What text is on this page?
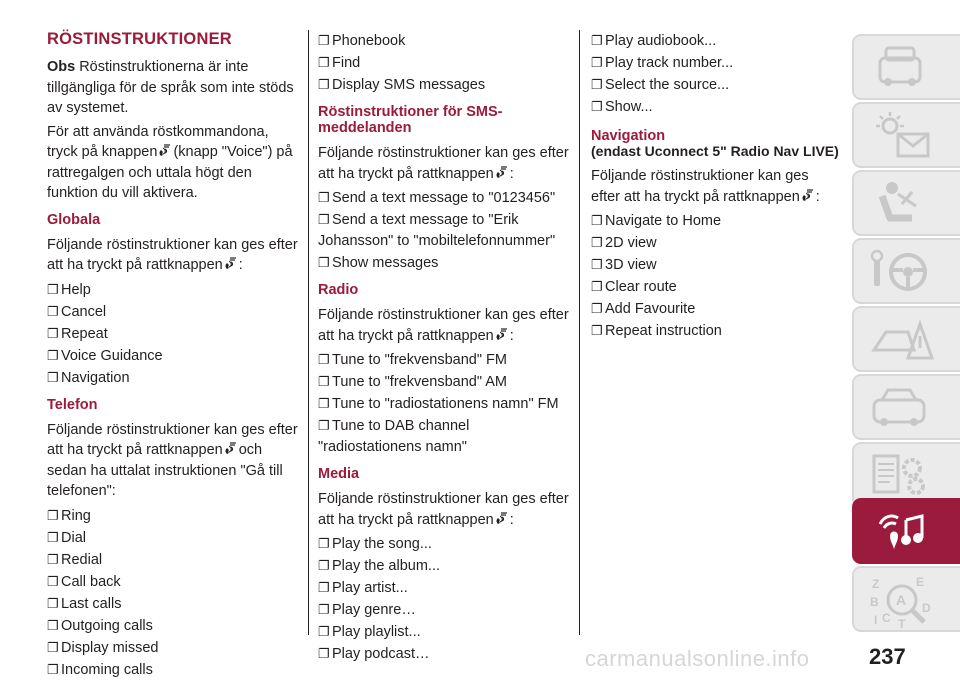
RÖSTINSTRUKTIONER

Obs Röstinstruktionerna är inte tillgängliga för de språk som inte stöds av systemet.

För att använda röstkommandona, tryck på knappen (knapp "Voice") på rattregalgen och uttala högt den funktion du vill aktivera.

Globala

Följande röstinstruktioner kan ges efter att ha tryckt på rattknappen :

❐ Help
❐ Cancel
❐ Repeat
❐ Voice Guidance
❐ Navigation
Telefon

Följande röstinstruktioner kan ges efter att ha tryckt på rattknappen och sedan ha uttalat instruktionen "Gå till telefonen":

❐ Ring
❐ Dial
❐ Redial
❐ Call back
❐ Last calls
❐ Outgoing calls
❐ Display missed
❐ Incoming calls
❐ Phonebook
❐ Find
❐ Display SMS messages
Röstinstruktioner för SMS-meddelanden

Följande röstinstruktioner kan ges efter att ha tryckt på rattknappen :

❐ Send a text message to "0123456"
❐ Send a text message to "Erik Johansson" to "mobiltelefonnummer"
❐ Show messages
Radio

Följande röstinstruktioner kan ges efter att ha tryckt på rattknappen :

❐ Tune to "frekvensband" FM
❐ Tune to "frekvensband" AM
❐ Tune to "radiostationens namn" FM
❐ Tune to DAB channel "radiostationens namn"
Media

Följande röstinstruktioner kan ges efter att ha tryckt på rattknappen :

❐ Play the song...
❐ Play the album...
❐ Play artist...
❐ Play genre…
❐ Play playlist...
❐ Play podcast…
❐ Play audiobook...
❐ Play track number...
❐ Select the source...
❐ Show...
Navigation
(endast Uconnect 5" Radio Nav LIVE)

Följande röstinstruktioner kan ges efter att ha tryckt på rattknappen :

❐ Navigate to Home
❐ 2D view
❐ 3D view
❐ Clear route
❐ Add Favourite
❐ Repeat instruction
Z	E
A
B
C
D
I T
carmanualsonline.info	237
